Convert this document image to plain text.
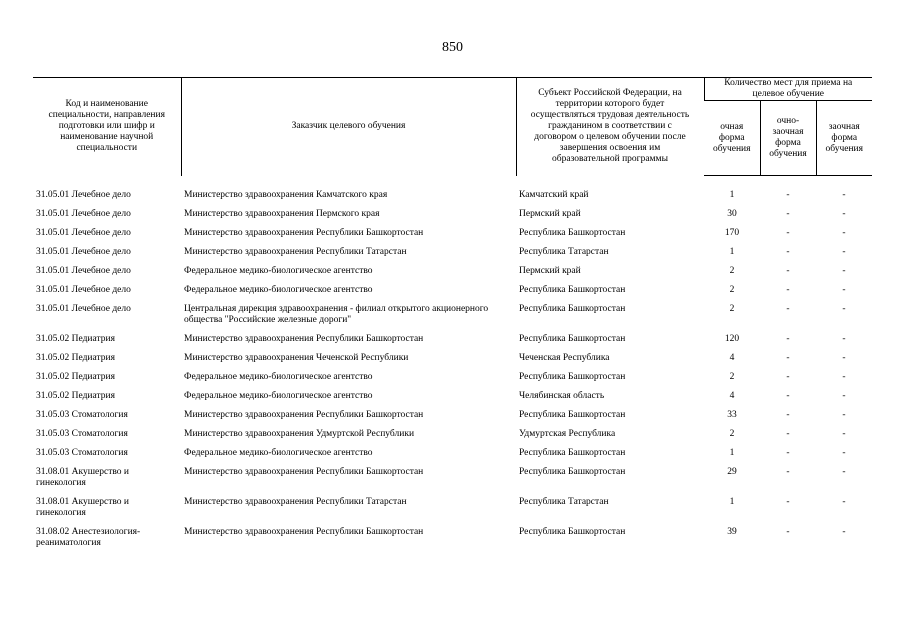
850
Код и наименование специальности, направления подготовки или шифр и наименование научной специальности	Заказчик целевого обучения	Субъект Российской Федерации, на территории которого будет осуществляться трудовая деятельность гражданином в соответствии с договором о целевом обучении после завершения освоения им образовательной программы	Количество мест для приема на целевое обучение		
			очная форма обучения	очно-заочная форма обучения	заочная форма обучения
31.05.01 Лечебное дело	Министерство здравоохранения Камчатского края	Камчатский край	1	-	-
31.05.01 Лечебное дело	Министерство здравоохранения Пермского края	Пермский край	30	-	-
31.05.01 Лечебное дело	Министерство здравоохранения Республики Башкортостан	Республика Башкортостан	170	-	-
31.05.01 Лечебное дело	Министерство здравоохранения Республики Татарстан	Республика Татарстан	1	-	-
31.05.01 Лечебное дело	Федеральное медико-биологическое агентство	Пермский край	2	-	-
31.05.01 Лечебное дело	Федеральное медико-биологическое агентство	Республика Башкортостан	2	-	-
31.05.01 Лечебное дело	Центральная дирекция здравоохранения - филиал открытого акционерного общества "Российские железные дороги"	Республика Башкортостан	2	-	-
31.05.02 Педиатрия	Министерство здравоохранения Республики Башкортостан	Республика Башкортостан	120	-	-
31.05.02 Педиатрия	Министерство здравоохранения Чеченской Республики	Чеченская Республика	4	-	-
31.05.02 Педиатрия	Федеральное медико-биологическое агентство	Республика Башкортостан	2	-	-
31.05.02 Педиатрия	Федеральное медико-биологическое агентство	Челябинская область	4	-	-
31.05.03 Стоматология	Министерство здравоохранения Республики Башкортостан	Республика Башкортостан	33	-	-
31.05.03 Стоматология	Министерство здравоохранения Удмуртской Республики	Удмуртская Республика	2	-	-
31.05.03 Стоматология	Федеральное медико-биологическое агентство	Республика Башкортостан	1	-	-
31.08.01 Акушерство и гинекология	Министерство здравоохранения Республики Башкортостан	Республика Башкортостан	29	-	-
31.08.01 Акушерство и гинекология	Министерство здравоохранения Республики Татарстан	Республика Татарстан	1	-	-
31.08.02 Анестезиология-реаниматология	Министерство здравоохранения Республики Башкортостан	Республика Башкортостан	39	-	-
